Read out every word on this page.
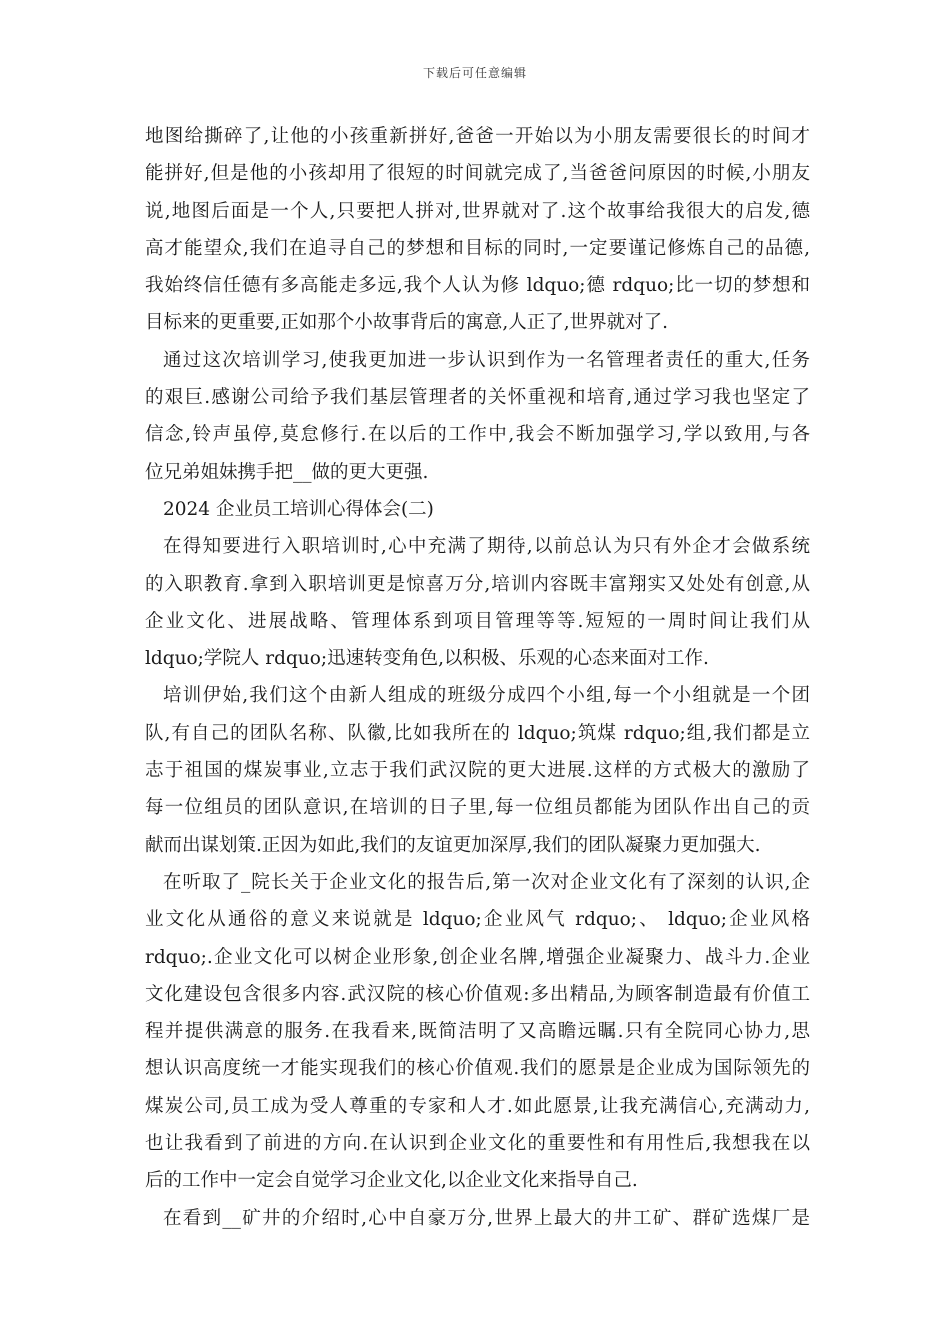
下载后可任意编辑
地图给撕碎了,让他的小孩重新拼好,爸爸一开始以为小朋友需要很长的时间才
能拼好,但是他的小孩却用了很短的时间就完成了,当爸爸问原因的时候,小朋友
说,地图后面是一个人,只要把人拼对,世界就对了.这个故事给我很大的启发,德
高才能望众,我们在追寻自己的梦想和目标的同时,一定要谨记修炼自己的品德,
我始终信任德有多高能走多远,我个人认为修 ldquo;德 rdquo;比一切的梦想和
目标来的更重要,正如那个小故事背后的寓意,人正了,世界就对了.
通过这次培训学习,使我更加进一步认识到作为一名管理者责任的重大,任务
的艰巨.感谢公司给予我们基层管理者的关怀重视和培育,通过学习我也坚定了
信念,铃声虽停,莫怠修行.在以后的工作中,我会不断加强学习,学以致用,与各
位兄弟姐妹携手把__做的更大更强.
2024 企业员工培训心得体会(二)
在得知要进行入职培训时,心中充满了期待,以前总认为只有外企才会做系统
的入职教育.拿到入职培训更是惊喜万分,培训内容既丰富翔实又处处有创意,从
企业文化、进展战略、管理体系到项目管理等等.短短的一周时间让我们从
ldquo;学院人 rdquo;迅速转变角色,以积极、乐观的心态来面对工作.
培训伊始,我们这个由新人组成的班级分成四个小组,每一个小组就是一个团
队,有自己的团队名称、队徽,比如我所在的 ldquo;筑煤 rdquo;组,我们都是立
志于祖国的煤炭事业,立志于我们武汉院的更大进展.这样的方式极大的激励了
每一位组员的团队意识,在培训的日子里,每一位组员都能为团队作出自己的贡
献而出谋划策.正因为如此,我们的友谊更加深厚,我们的团队凝聚力更加强大.
在听取了_院长关于企业文化的报告后,第一次对企业文化有了深刻的认识,企
业文化从通俗的意义来说就是 ldquo;企业风气 rdquo;、 ldquo;企业风格
rdquo;.企业文化可以树企业形象,创企业名牌,增强企业凝聚力、战斗力.企业
文化建设包含很多内容.武汉院的核心价值观:多出精品,为顾客制造最有价值工
程并提供满意的服务.在我看来,既简洁明了又高瞻远瞩.只有全院同心协力,思
想认识高度统一才能实现我们的核心价值观.我们的愿景是企业成为国际领先的
煤炭公司,员工成为受人尊重的专家和人才.如此愿景,让我充满信心,充满动力,
也让我看到了前进的方向.在认识到企业文化的重要性和有用性后,我想我在以
后的工作中一定会自觉学习企业文化,以企业文化来指导自己.
在看到__矿井的介绍时,心中自豪万分,世界上最大的井工矿、群矿选煤厂是
